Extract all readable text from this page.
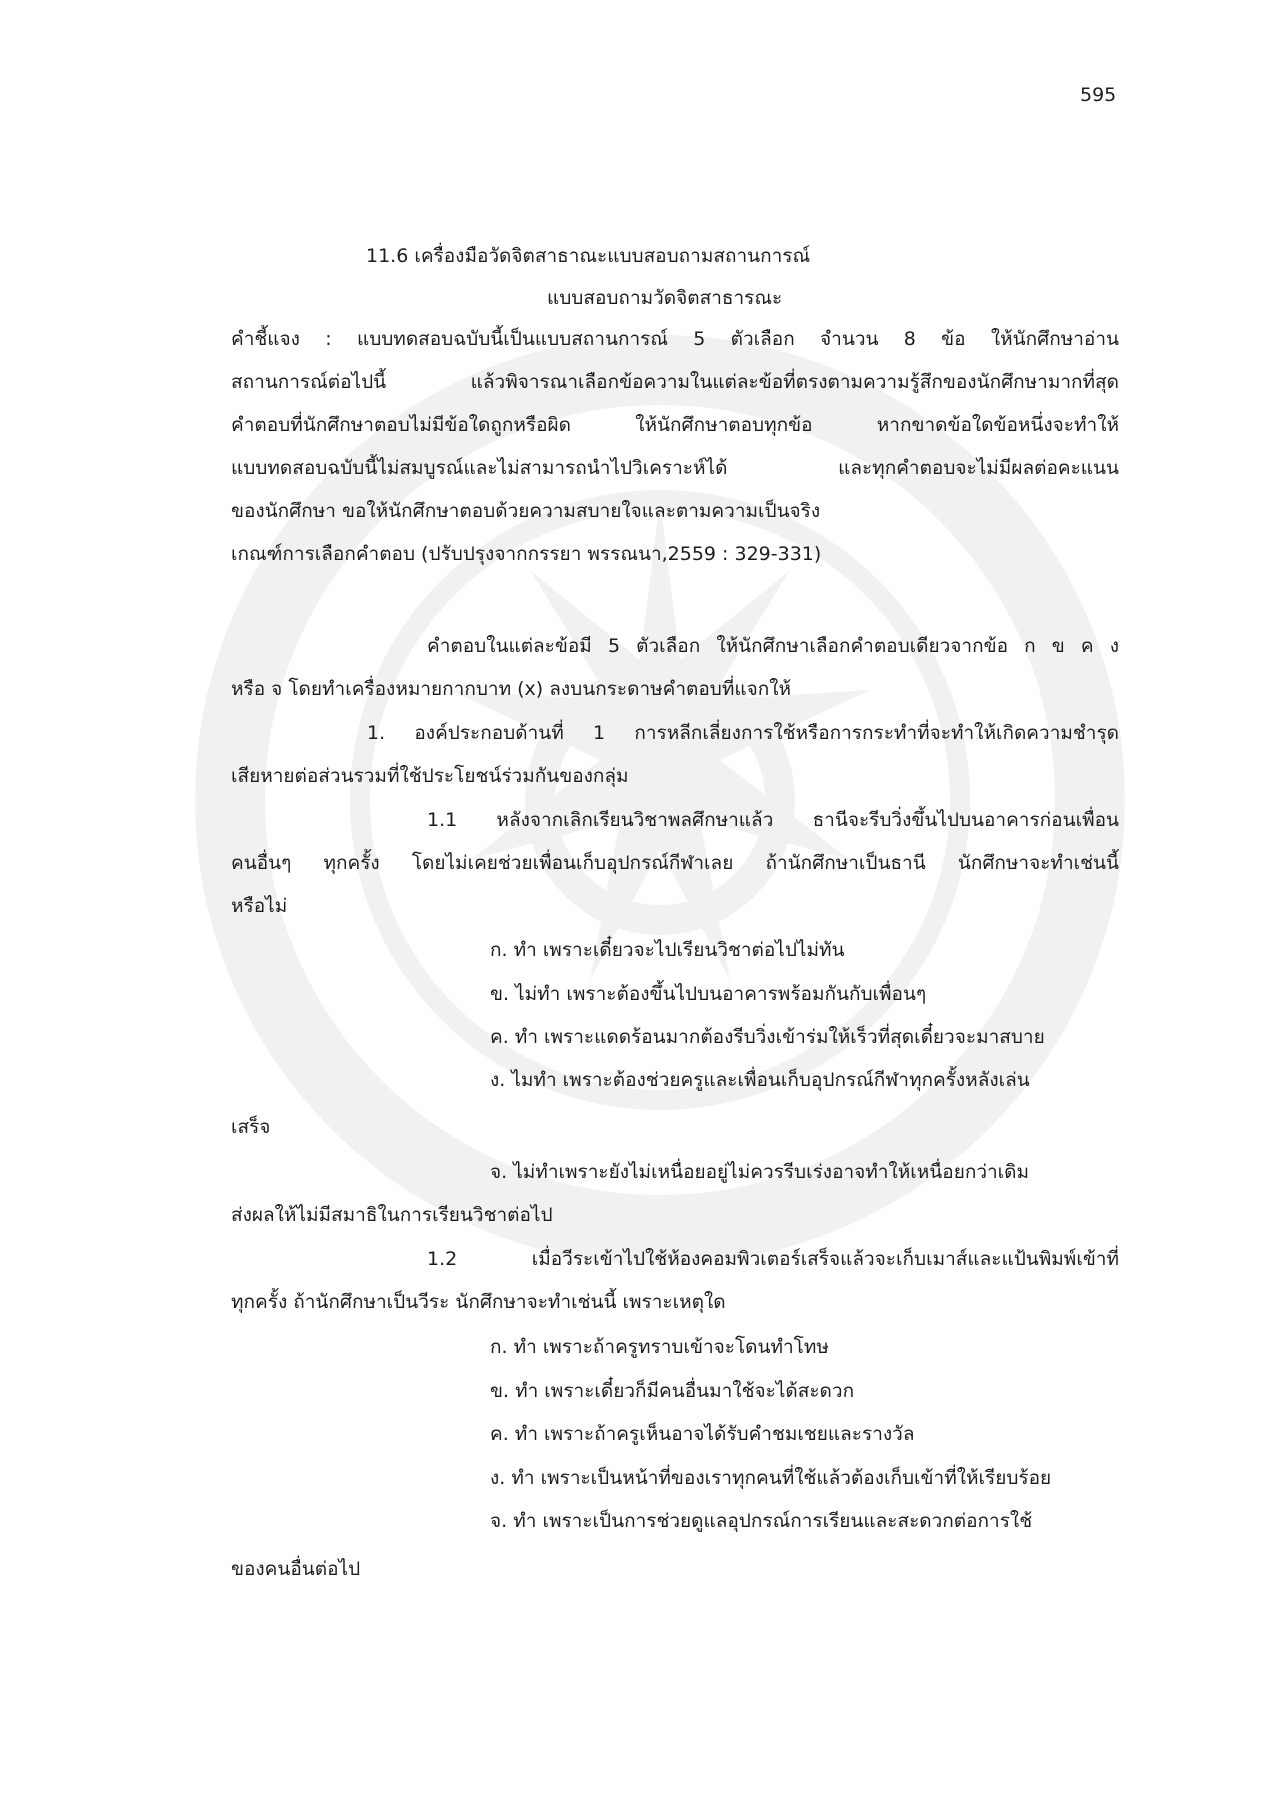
595
11.6 เครื่องมือวัดจิตสาธาณะแบบสอบถามสถานการณ์
แบบสอบถามวัดจิตสาธารณะ
คำชี้แจง : แบบทดสอบฉบับนี้เป็นแบบสถานการณ์ 5 ตัวเลือก จำนวน 8 ข้อ ให้นักศึกษาอ่าน
สถานการณ์ต่อไปนี้ แล้วพิจารณาเลือกข้อความในแต่ละข้อที่ตรงตามความรู้สึกของนักศึกษามากที่สุด
คำตอบที่นักศึกษาตอบไม่มีข้อใดถูกหรือผิด ให้นักศึกษาตอบทุกข้อ หากขาดข้อใดข้อหนึ่งจะทำให้
แบบทดสอบฉบับนี้ไม่สมบูรณ์และไม่สามารถนำไปวิเคราะห์ได้ และทุกคำตอบจะไม่มีผลต่อคะแนน
ของนักศึกษา ขอให้นักศึกษาตอบด้วยความสบายใจและตามความเป็นจริง
เกณฑ์การเลือกคำตอบ (ปรับปรุงจากกรรยา พรรณนา,2559 : 329-331)
คำตอบในแต่ละข้อมี 5 ตัวเลือก ให้นักศึกษาเลือกคำตอบเดียวจากข้อ ก ข ค ง
หรือ จ โดยทำเครื่องหมายกากบาท (x) ลงบนกระดาษคำตอบที่แจกให้
1. องค์ประกอบด้านที่ 1 การหลีกเลี่ยงการใช้หรือการกระทำที่จะทำให้เกิดความชำรุด
เสียหายต่อส่วนรวมที่ใช้ประโยชน์ร่วมกันของกลุ่ม
1.1 หลังจากเลิกเรียนวิชาพลศึกษาแล้ว ธานีจะรีบวิ่งขึ้นไปบนอาคารก่อนเพื่อน
คนอื่นๆ ทุกครั้ง โดยไม่เคยช่วยเพื่อนเก็บอุปกรณ์กีฬาเลย ถ้านักศึกษาเป็นธานี นักศึกษาจะทำเช่นนี้
หรือไม่
ก. ทำ เพราะเดี๋ยวจะไปเรียนวิชาต่อไปไม่ทัน
ข. ไม่ทำ เพราะต้องขึ้นไปบนอาคารพร้อมกันกับเพื่อนๆ
ค. ทำ เพราะแดดร้อนมากต้องรีบวิ่งเข้าร่มให้เร็วที่สุดเดี๋ยวจะมาสบาย
ง. ไมทำ เพราะต้องช่วยครูและเพื่อนเก็บอุปกรณ์กีฬาทุกครั้งหลังเล่น
เสร็จ
จ. ไม่ทำเพราะยังไม่เหนื่อยอยู่ไม่ควรรีบเร่งอาจทำให้เหนื่อยกว่าเดิม
ส่งผลให้ไม่มีสมาธิในการเรียนวิชาต่อไป
1.2 เมื่อวีระเข้าไปใช้ห้องคอมพิวเตอร์เสร็จแล้วจะเก็บเมาส์และแป้นพิมพ์เข้าที่
ทุกครั้ง ถ้านักศึกษาเป็นวีระ นักศึกษาจะทำเช่นนี้ เพราะเหตุใด
ก. ทำ เพราะถ้าครูทราบเข้าจะโดนทำโทษ
ข. ทำ เพราะเดี๋ยวก็มีคนอื่นมาใช้จะได้สะดวก
ค. ทำ เพราะถ้าครูเห็นอาจได้รับคำชมเชยและรางวัล
ง. ทำ เพราะเป็นหน้าที่ของเราทุกคนที่ใช้แล้วต้องเก็บเข้าที่ให้เรียบร้อย
จ. ทำ เพราะเป็นการช่วยดูแลอุปกรณ์การเรียนและสะดวกต่อการใช้
ของคนอื่นต่อไป
